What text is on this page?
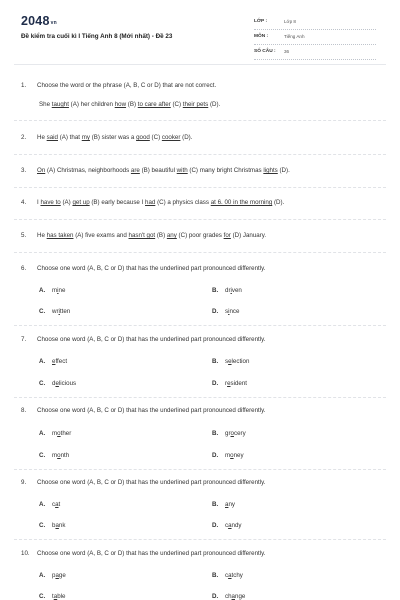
2048vn
Đề kiểm tra cuối kì I Tiếng Anh 8 (Mới nhất) - Đề 23
LỚP :	Lớp 8
MÔN :	Tiếng Anh
SỐ CÂU : 36
1. Choose the word or the phrase (A, B, C or D) that are not correct.
She taught (A) her children how (B) to care after (C) their pets (D).
2. He said (A) that my (B) sister was a good (C) cooker (D).
3. On (A) Christmas, neighborhoods are (B) beautiful with (C) many bright Christmas lights (D).
4. I have to (A) get up (B) early because I had (C) a physics class at 6. 00 in the morning (D).
5. He has taken (A) five exams and hasn't got (B) any (C) poor grades for (D) January.
6. Choose one word (A, B, C or D) that has the underlined part pronounced differently.
A. mine	B. driven
C. written	D. since
7. Choose one word (A, B, C or D) that has the underlined part pronounced differently.
A. effect	B. selection
C. delicious	D. resident
8. Choose one word (A, B, C or D) that has the underlined part pronounced differently.
A. mother	B. grocery
C. month	D. money
9. Choose one word (A, B, C or D) that has the underlined part pronounced differently.
A. cat	B. any
C. bank	D. candy
10. Choose one word (A, B, C or D) that has the underlined part pronounced differently.
A. page	B. catchy
C. table	D. change
